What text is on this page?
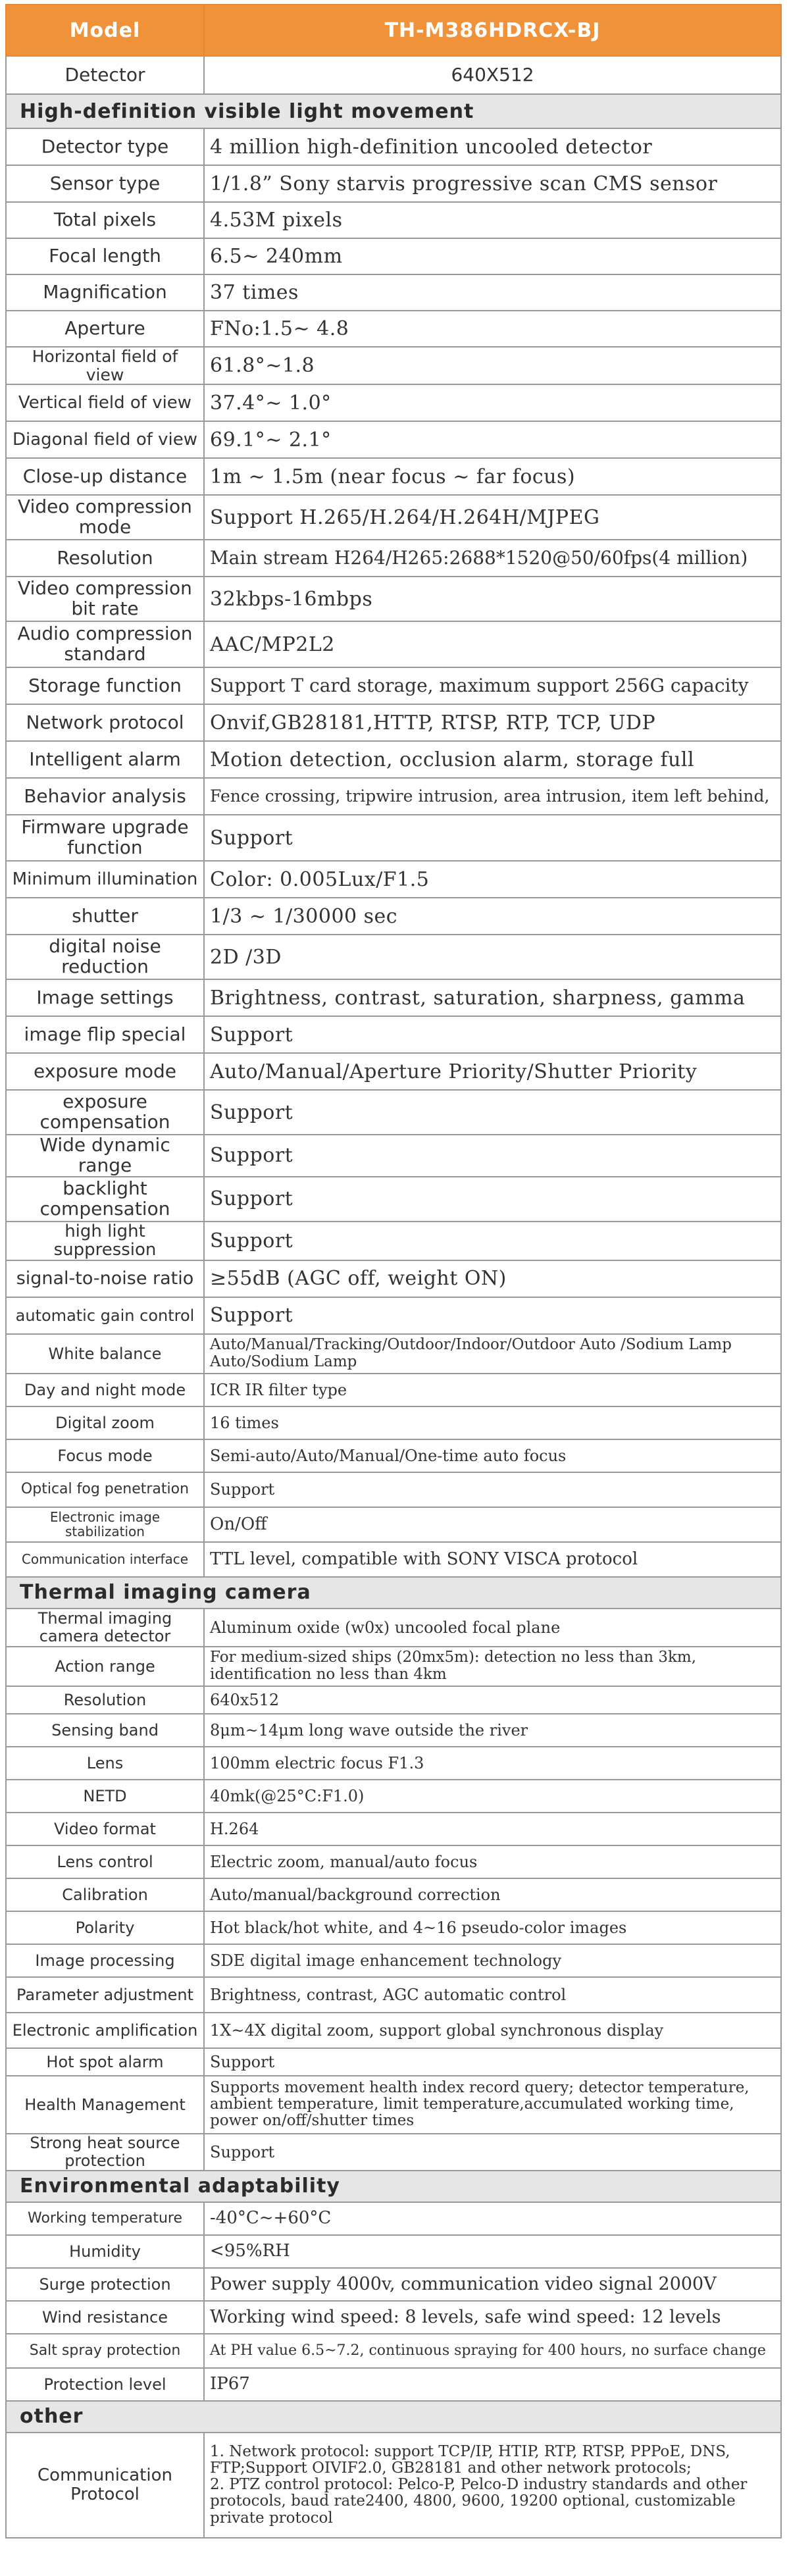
Model	TH-M386HDRCX-BJ
Detector	640X512
High-definition visible light movement	
Detector type	4 million high-definition uncooled detector
Sensor type	1/1.8” Sony starvis progressive scan CMS sensor
Total pixels	4.53M pixels
Focal length	6.5~ 240mm
Magnification	37 times
Aperture	FNo:1.5~ 4.8
Horizontal field of view	61.8°~1.8
Vertical field of view	37.4°~ 1.0°
Diagonal field of view	69.1°~ 2.1°
Close-up distance	1m ~ 1.5m (near focus ~ far focus)
Video compression mode	Support H.265/H.264/H.264H/MJPEG
Resolution	Main stream H264/H265:2688*1520@50/60fps(4 million)
Video compression bit rate	32kbps-16mbps
Audio compression standard	AAC/MP2L2
Storage function	Support T card storage, maximum support 256G capacity
Network protocol	Onvif,GB28181,HTTP, RTSP, RTP, TCP, UDP
Intelligent alarm	Motion detection, occlusion alarm, storage full
Behavior analysis	Fence crossing, tripwire intrusion, area intrusion, item left behind,
Firmware upgrade function	Support
Minimum illumination	Color: 0.005Lux/F1.5
shutter	1/3 ~ 1/30000 sec
digital noise reduction	2D /3D
Image settings	Brightness, contrast, saturation, sharpness, gamma
image flip special	Support
exposure mode	Auto/Manual/Aperture Priority/Shutter Priority
exposure compensation	Support
Wide dynamic range	Support
backlight compensation	Support
high light suppression	Support
signal-to-noise ratio	≥55dB (AGC off, weight ON)
automatic gain control	Support
White balance	Auto/Manual/Tracking/Outdoor/Indoor/Outdoor Auto /Sodium Lamp Auto/Sodium Lamp
Day and night mode	ICR IR filter type
Digital zoom	16 times
Focus mode	Semi-auto/Auto/Manual/One-time auto focus
Optical fog penetration	Support
Electronic image stabilization	On/Off
Communication interface	TTL level, compatible with SONY VISCA protocol
Thermal imaging camera	
Thermal imaging camera detector	Aluminum oxide (w0x) uncooled focal plane
Action range	For medium-sized ships (20mx5m): detection no less than 3km, identification no less than 4km
Resolution	640x512
Sensing band	8μm~14μm long wave outside the river
Lens	100mm electric focus F1.3
NETD	40mk(@25°C:F1.0)
Video format	H.264
Lens control	Electric zoom, manual/auto focus
Calibration	Auto/manual/background correction
Polarity	Hot black/hot white, and 4~16 pseudo-color images
Image processing	SDE digital image enhancement technology
Parameter adjustment	Brightness, contrast, AGC automatic control
Electronic amplification	1X~4X digital zoom, support global synchronous display
Hot spot alarm	Support
Health Management	Supports movement health index record query; detector temperature, ambient temperature, limit temperature,accumulated working time, power on/off/shutter times
Strong heat source protection	Support
Environmental adaptability	
Working temperature	-40°C~+60°C
Humidity	<95%RH
Surge protection	Power supply 4000v, communication video signal 2000V
Wind resistance	Working wind speed: 8 levels, safe wind speed: 12 levels
Salt spray protection	At PH value 6.5~7.2, continuous spraying for 400 hours, no surface change
Protection level	IP67
other	
Communication Protocol	1. Network protocol: support TCP/IP, HTIP, RTP, RTSP, PPPoE, DNS, FTP;Support OIVIF2.0, GB28181 and other network protocols;
2. PTZ control protocol: Pelco-P, Pelco-D industry standards and other protocols, baud rate2400, 4800, 9600, 19200 optional, customizable private protocol
